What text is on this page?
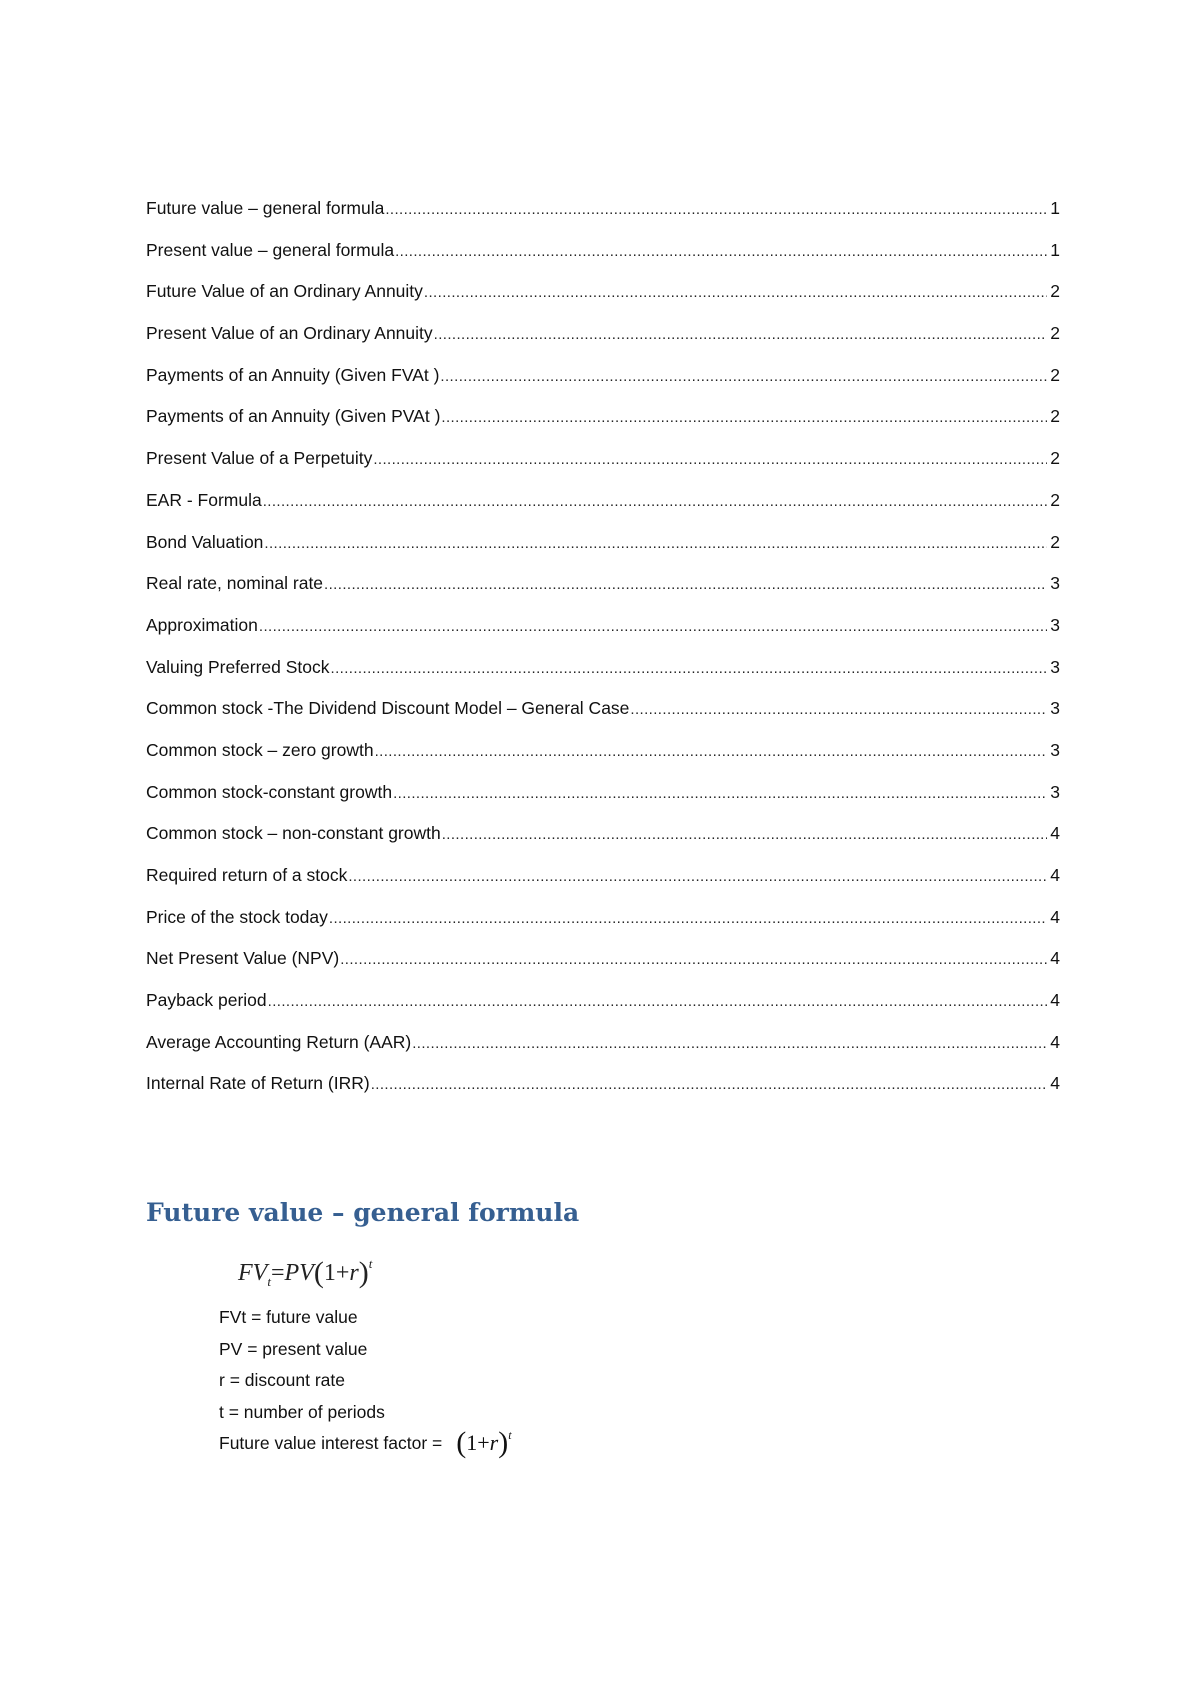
Future value – general formula .....	1
Present value – general formula .....	1
Future Value of an Ordinary Annuity .....	2
Present Value of an Ordinary Annuity .....	2
Payments of an Annuity (Given FVAt ) .....	2
Payments of an Annuity (Given PVAt ) .....	2
Present Value of a Perpetuity .....	2
EAR - Formula .....	2
Bond Valuation .....	2
Real rate, nominal rate .....	3
Approximation .....	3
Valuing Preferred Stock .....	3
Common stock -The Dividend Discount Model – General Case .....	3
Common stock – zero growth .....	3
Common stock-constant growth .....	3
Common stock – non-constant growth .....	4
Required return of a stock .....	4
Price of the stock today .....	4
Net Present Value (NPV) .....	4
Payback period .....	4
Average Accounting Return (AAR) .....	4
Internal Rate of Return (IRR) .....	4
Future value – general formula
$FV_t=PV(1+r)^t$
FVt = future value
PV = present value
r = discount rate
t = number of periods
Future value interest factor = $(1+r)^t$
